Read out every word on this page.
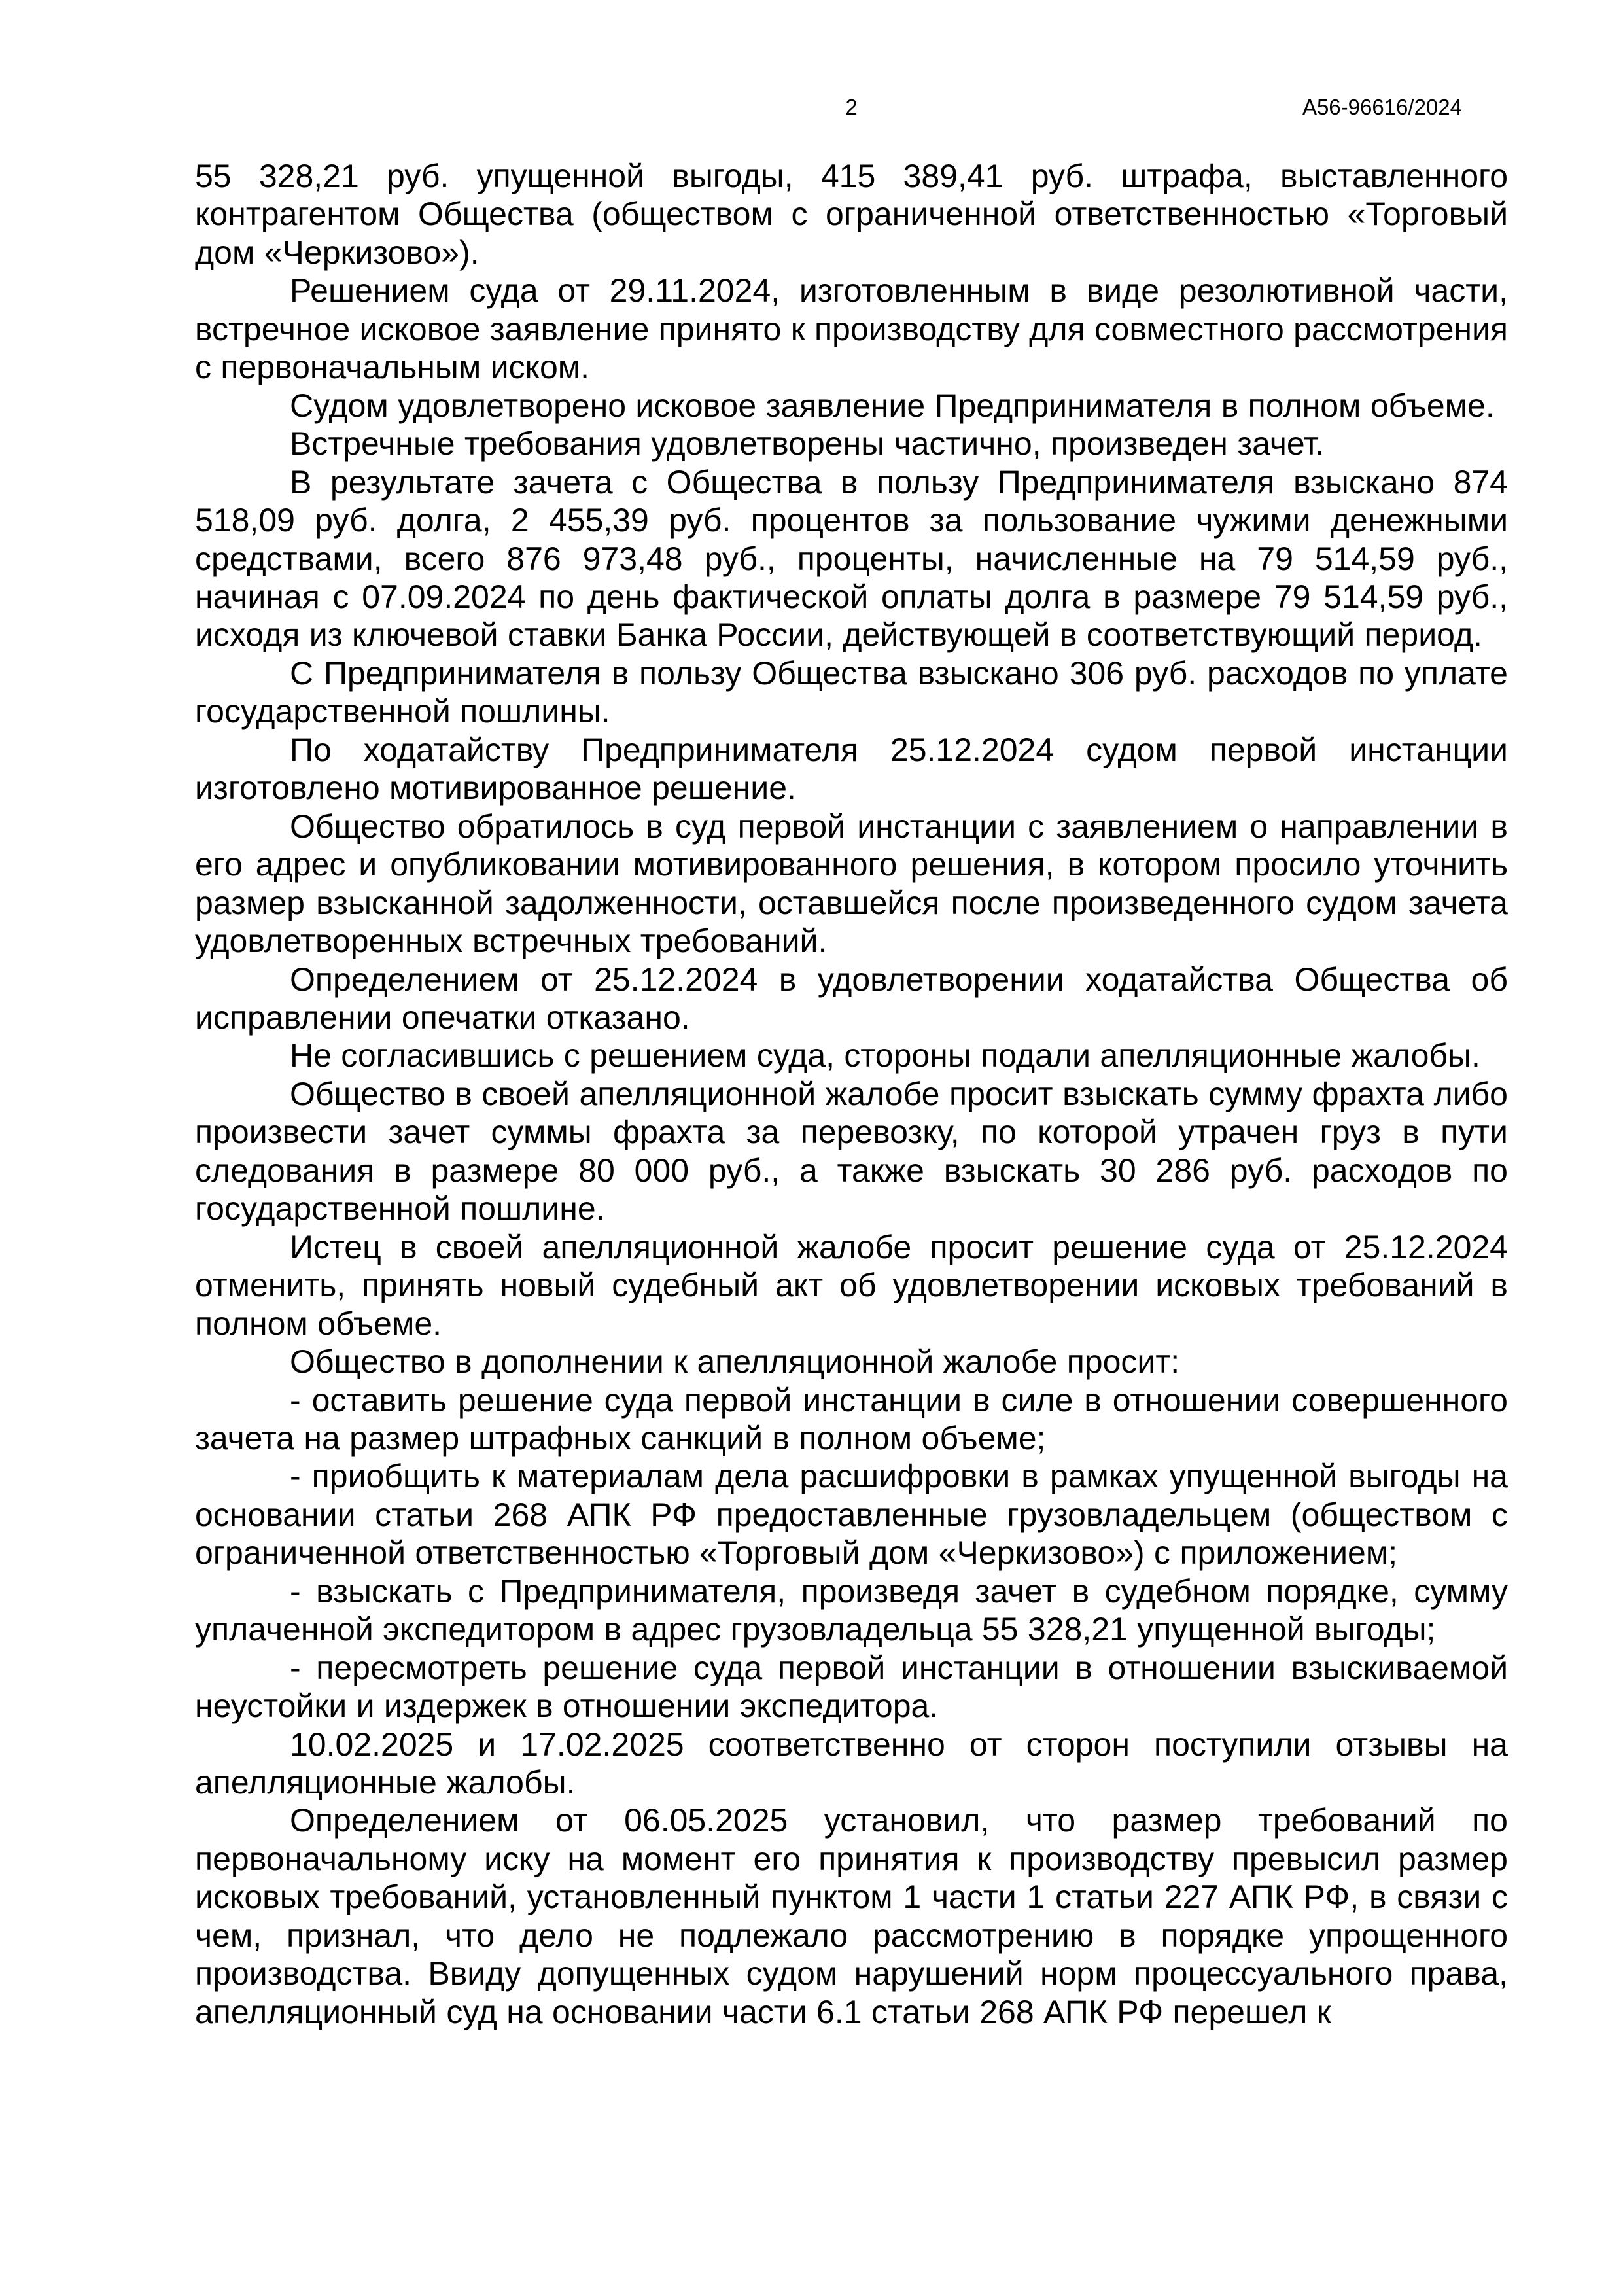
2	А56-96616/2024

55 328,21 руб. упущенной выгоды, 415 389,41 руб. штрафа, выставленного контрагентом Общества (обществом с ограниченной ответственностью «Торговый дом «Черкизово»).

Решением суда от 29.11.2024, изготовленным в виде резолютивной части, встречное исковое заявление принято к производству для совместного рассмотрения с первоначальным иском.

Судом удовлетворено исковое заявление Предпринимателя в полном объеме.

Встречные требования удовлетворены частично, произведен зачет.

В результате зачета с Общества в пользу Предпринимателя взыскано 874 518,09 руб. долга, 2 455,39 руб. процентов за пользование чужими денежными средствами, всего 876 973,48 руб., проценты, начисленные на 79 514,59 руб., начиная с 07.09.2024 по день фактической оплаты долга в размере 79 514,59 руб., исходя из ключевой ставки Банка России, действующей в соответствующий период.

С Предпринимателя в пользу Общества взыскано 306 руб. расходов по уплате государственной пошлины.

По ходатайству Предпринимателя 25.12.2024 судом первой инстанции изготовлено мотивированное решение.

Общество обратилось в суд первой инстанции с заявлением о направлении в его адрес и опубликовании мотивированного решения, в котором просило уточнить размер взысканной задолженности, оставшейся после произведенного судом зачета удовлетворенных встречных требований.

Определением от 25.12.2024 в удовлетворении ходатайства Общества об исправлении опечатки отказано.

Не согласившись с решением суда, стороны подали апелляционные жалобы.

Общество в своей апелляционной жалобе просит взыскать сумму фрахта либо произвести зачет суммы фрахта за перевозку, по которой утрачен груз в пути следования в размере 80 000 руб., а также взыскать 30 286 руб. расходов по государственной пошлине.

Истец в своей апелляционной жалобе просит решение суда от 25.12.2024 отменить, принять новый судебный акт об удовлетворении исковых требований в полном объеме.

Общество в дополнении к апелляционной жалобе просит:

- оставить решение суда первой инстанции в силе в отношении совершенного зачета на размер штрафных санкций в полном объеме;

- приобщить к материалам дела расшифровки в рамках упущенной выгоды на основании статьи 268 АПК РФ предоставленные грузовладельцем (обществом с ограниченной ответственностью «Торговый дом «Черкизово») с приложением;

- взыскать с Предпринимателя, произведя зачет в судебном порядке, сумму уплаченной экспедитором в адрес грузовладельца 55 328,21 упущенной выгоды;

- пересмотреть решение суда первой инстанции в отношении взыскиваемой неустойки и издержек в отношении экспедитора.

10.02.2025 и 17.02.2025 соответственно от сторон поступили отзывы на апелляционные жалобы.

Определением от 06.05.2025 установил, что размер требований по первоначальному иску на момент его принятия к производству превысил размер исковых требований, установленный пунктом 1 части 1 статьи 227 АПК РФ, в связи с чем, признал, что дело не подлежало рассмотрению в порядке упрощенного производства. Ввиду допущенных судом нарушений норм процессуального права, апелляционный суд на основании части 6.1 статьи 268 АПК РФ перешел к
